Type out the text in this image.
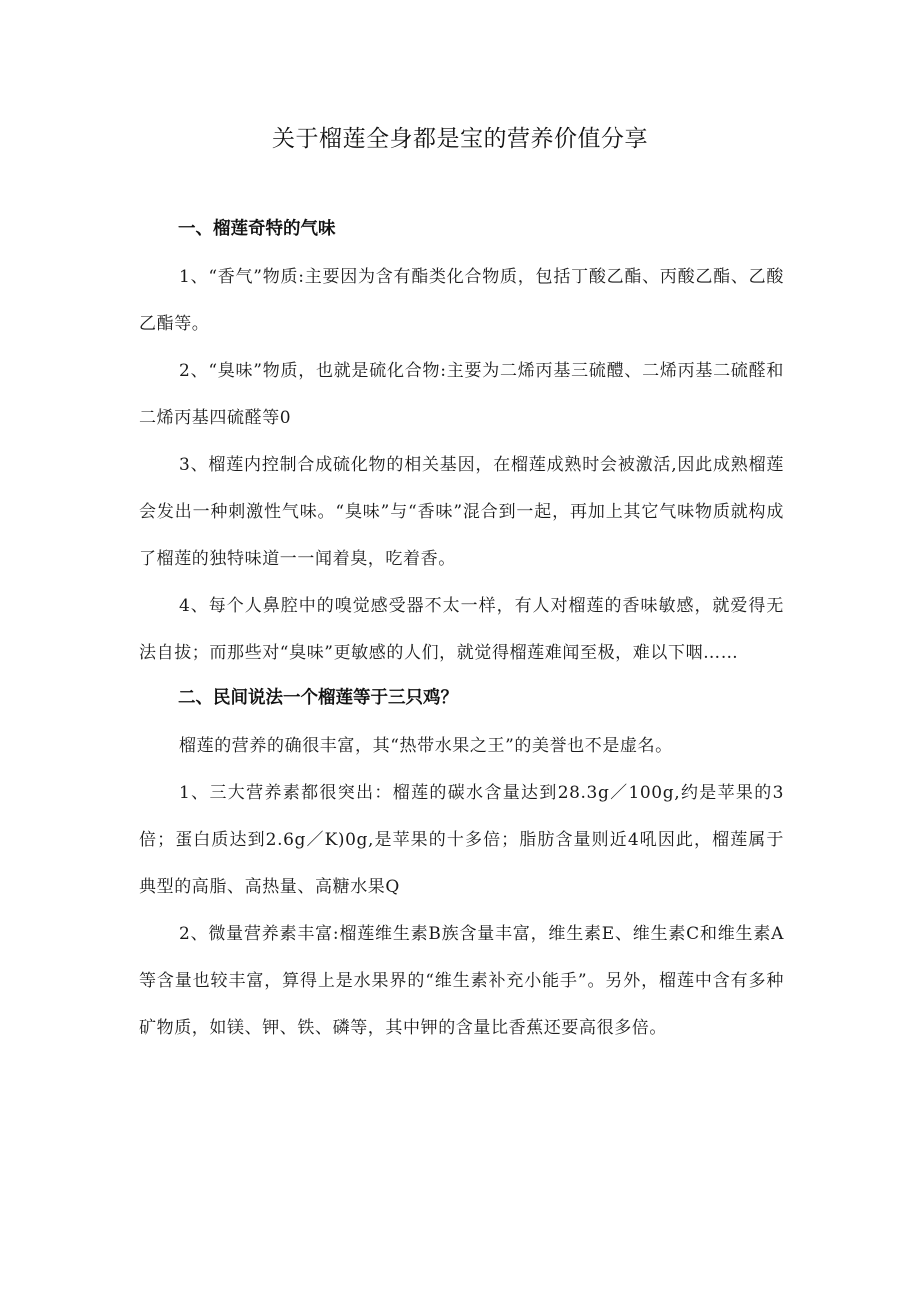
关于榴莲全身都是宝的营养价值分享
一、榴莲奇特的气味

1、“香气”物质:主要因为含有酯类化合物质，包括丁酸乙酯、丙酸乙酯、乙酸乙酯等。

2、“臭味”物质，也就是硫化合物:主要为二烯丙基三硫醴、二烯丙基二硫醛和二烯丙基四硫醛等0

3、榴莲内控制合成硫化物的相关基因，在榴莲成熟时会被激活,因此成熟榴莲会发出一种刺激性气味。“臭味”与“香味”混合到一起，再加上其它气味物质就构成了榴莲的独特味道一一闻着臭，吃着香。

4、每个人鼻腔中的嗅觉感受器不太一样，有人对榴莲的香味敏感，就爱得无法自拔；而那些对“臭味”更敏感的人们，就觉得榴莲难闻至极，难以下咽……

二、民间说法一个榴莲等于三只鸡？

榴莲的营养的确很丰富，其“热带水果之王”的美誉也不是虚名。

1、三大营养素都很突出：榴莲的碳水含量达到28.3g／100g,约是苹果的3倍；蛋白质达到2.6g／K)0g,是苹果的十多倍；脂肪含量则近4吼因此，榴莲属于典型的高脂、高热量、高糖水果Q

2、微量营养素丰富:榴莲维生素B族含量丰富，维生素E、维生素C和维生素A等含量也较丰富，算得上是水果界的“维生素补充小能手”。另外，榴莲中含有多种矿物质，如镁、钾、铁、磷等，其中钾的含量比香蕉还要高很多倍。
